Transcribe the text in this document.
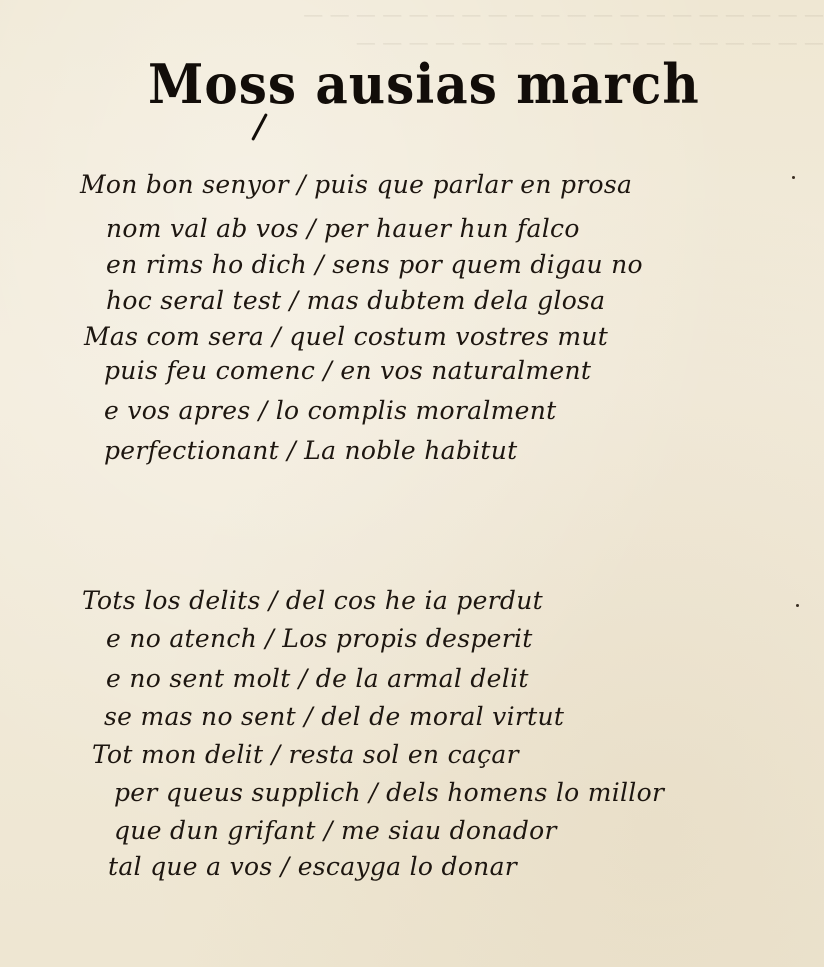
— — — — — — — — — — — — — — — — — — — —
— — — — — — — — — — — — — — — — — —
Moss ausias march
Mon bon senyor / puis que parlar en prosa
nom val ab vos / per hauer hun falco
en rims ho dich / sens por quem digau no
hoc seral test / mas dubtem dela glosa
Mas com sera / quel costum vostres mut
puis feu comenc / en vos naturalment
e vos apres / lo complis moralment
perfectionant / La noble habitut
Tots los delits / del cos he ia perdut
e no atench / Los propis desperit
e no sent molt / de la armal delit
se mas no sent / del de moral virtut
Tot mon delit / resta sol en caçar
per queus supplich / dels homens lo millor
que dun grifant / me siau donador
tal que a vos / escayga lo donar
